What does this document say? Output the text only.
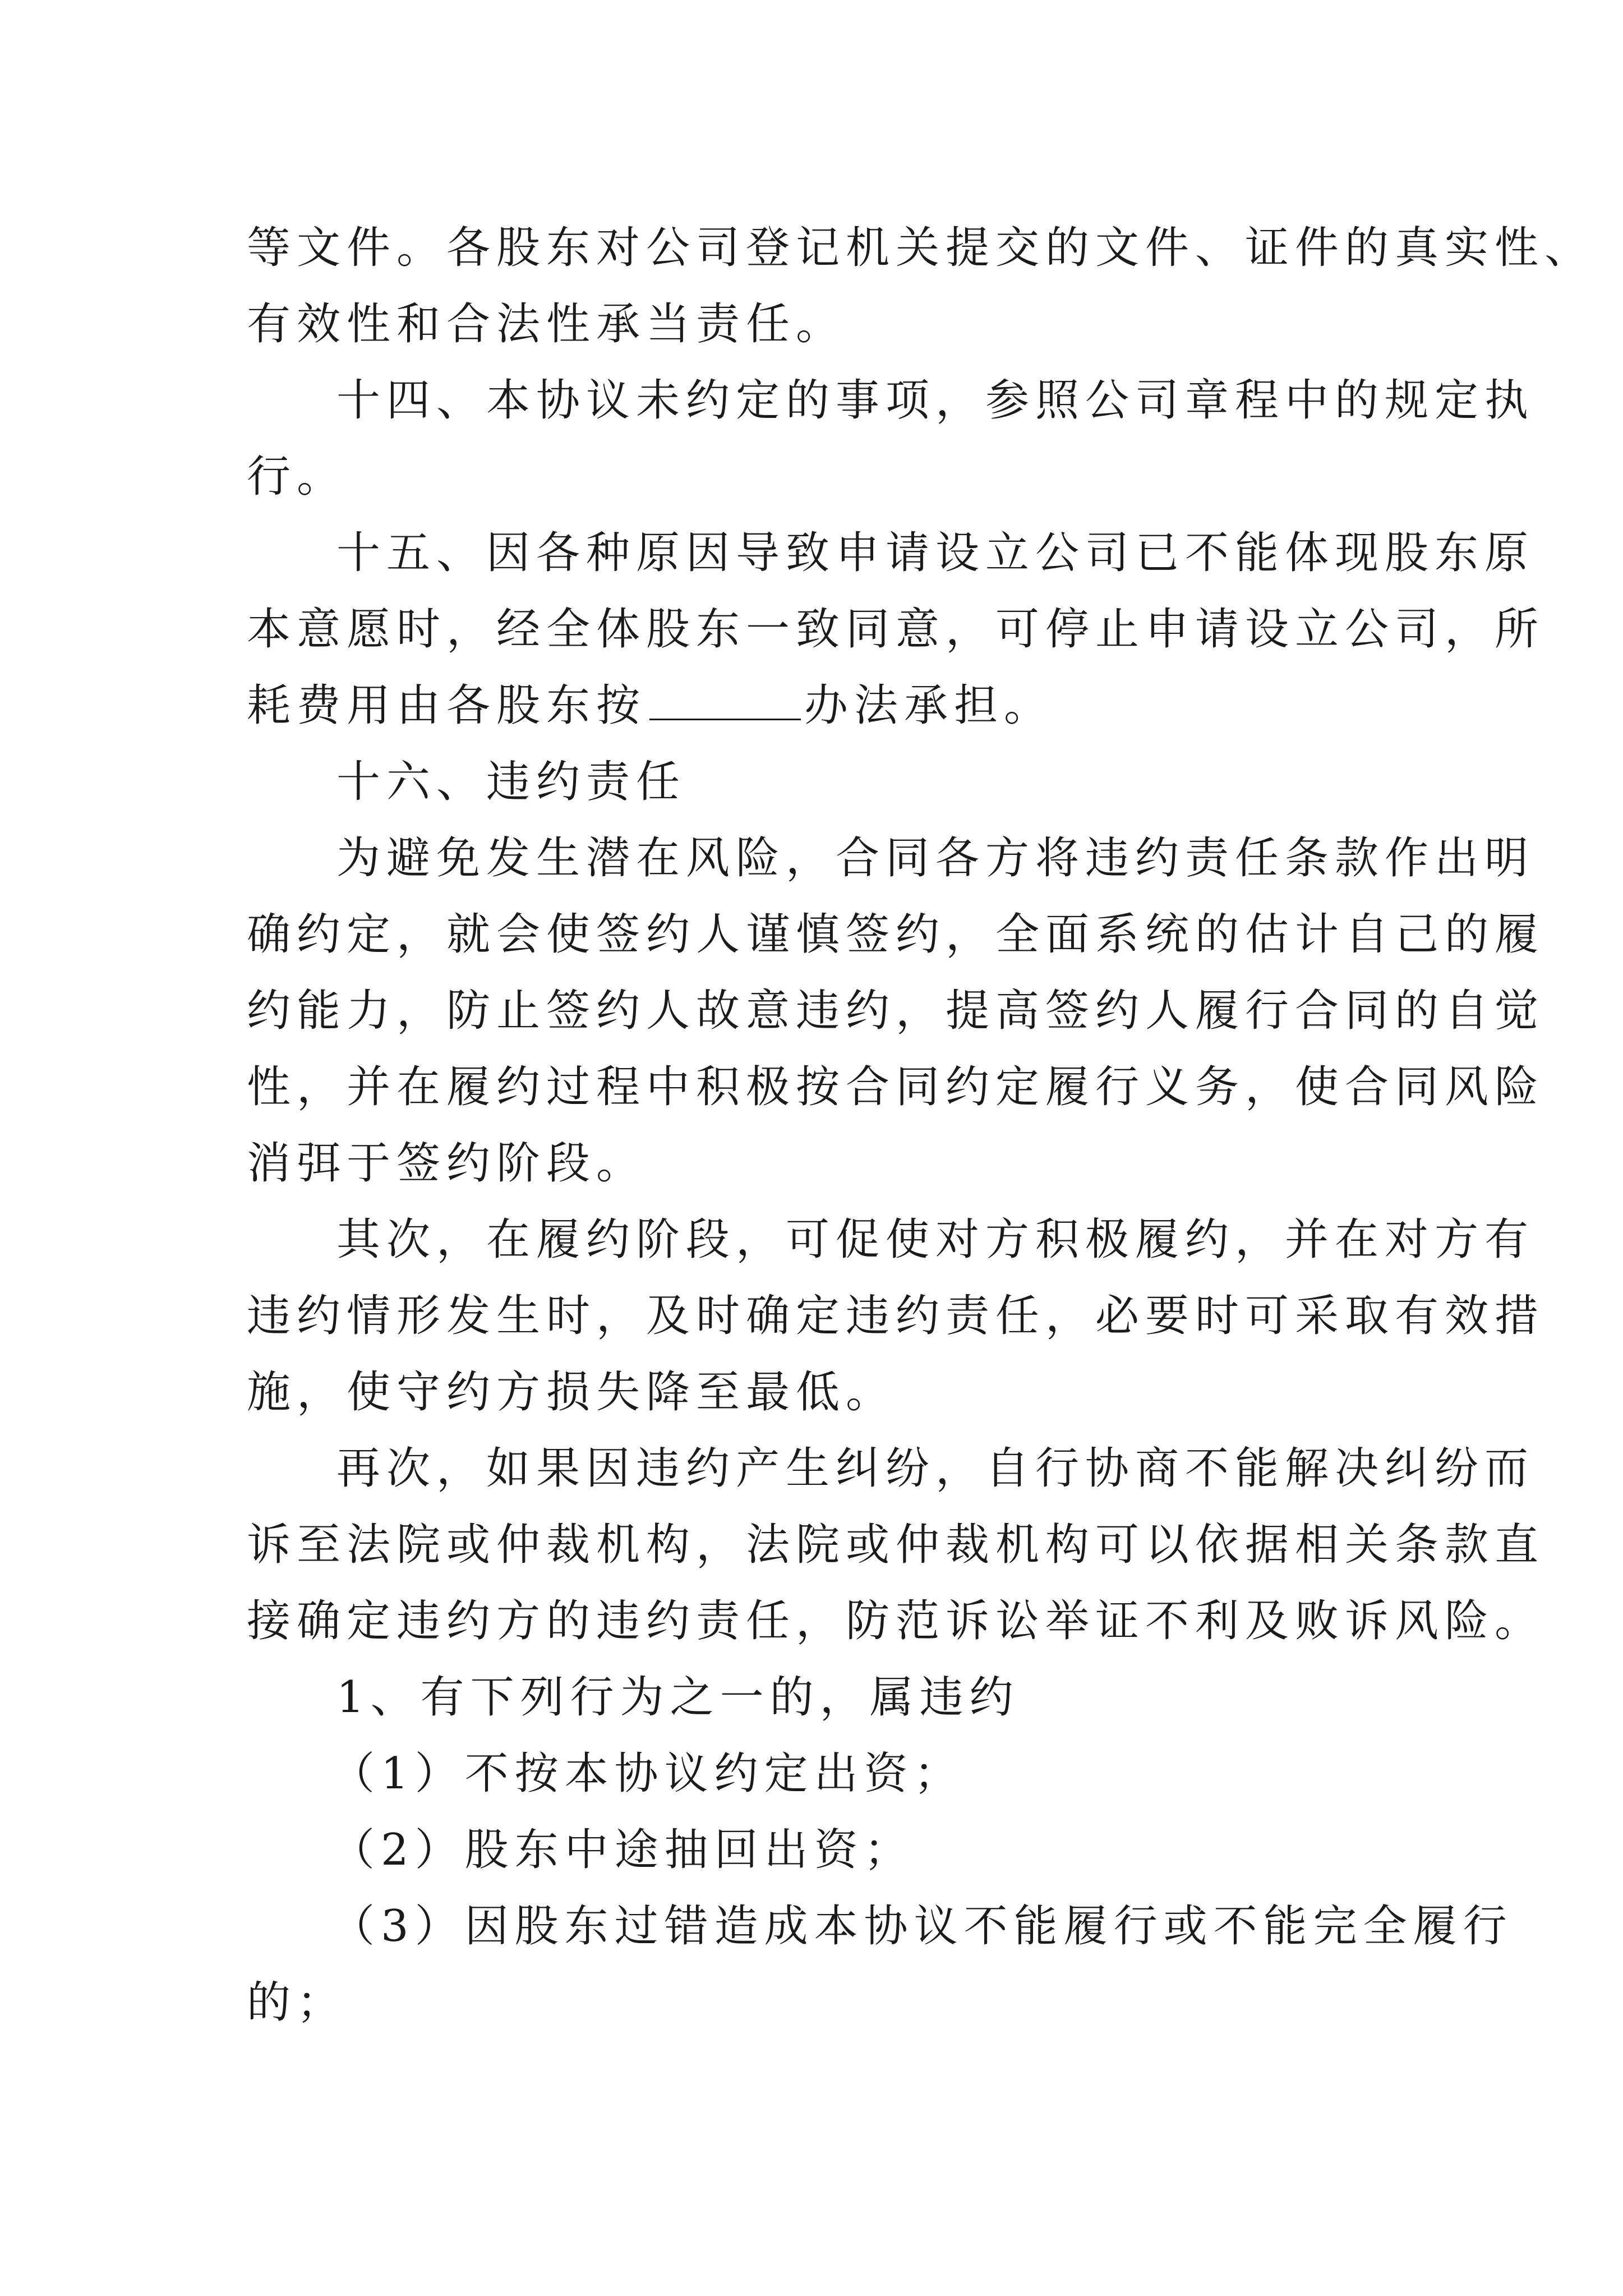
等文件。各股东对公司登记机关提交的文件、证件的真实性、
有效性和合法性承当责任。
十四、本协议未约定的事项，参照公司章程中的规定执
行。
十五、因各种原因导致申请设立公司已不能体现股东原
本意愿时，经全体股东一致同意，可停止申请设立公司，所
耗费用由各股东按	办法承担。
十六、违约责任
为避免发生潜在风险，合同各方将违约责任条款作出明
确约定，就会使签约人谨慎签约，全面系统的估计自己的履
约能力，防止签约人故意违约，提高签约人履行合同的自觉
性，并在履约过程中积极按合同约定履行义务，使合同风险
消弭于签约阶段。
其次，在履约阶段，可促使对方积极履约，并在对方有
违约情形发生时，及时确定违约责任，必要时可采取有效措
施，使守约方损失降至最低。
再次，如果因违约产生纠纷，自行协商不能解决纠纷而
诉至法院或仲裁机构，法院或仲裁机构可以依据相关条款直
接确定违约方的违约责任，防范诉讼举证不利及败诉风险。
1、有下列行为之一的，属违约
（1）不按本协议约定出资；
（2）股东中途抽回出资；
（3）因股东过错造成本协议不能履行或不能完全履行
的；
